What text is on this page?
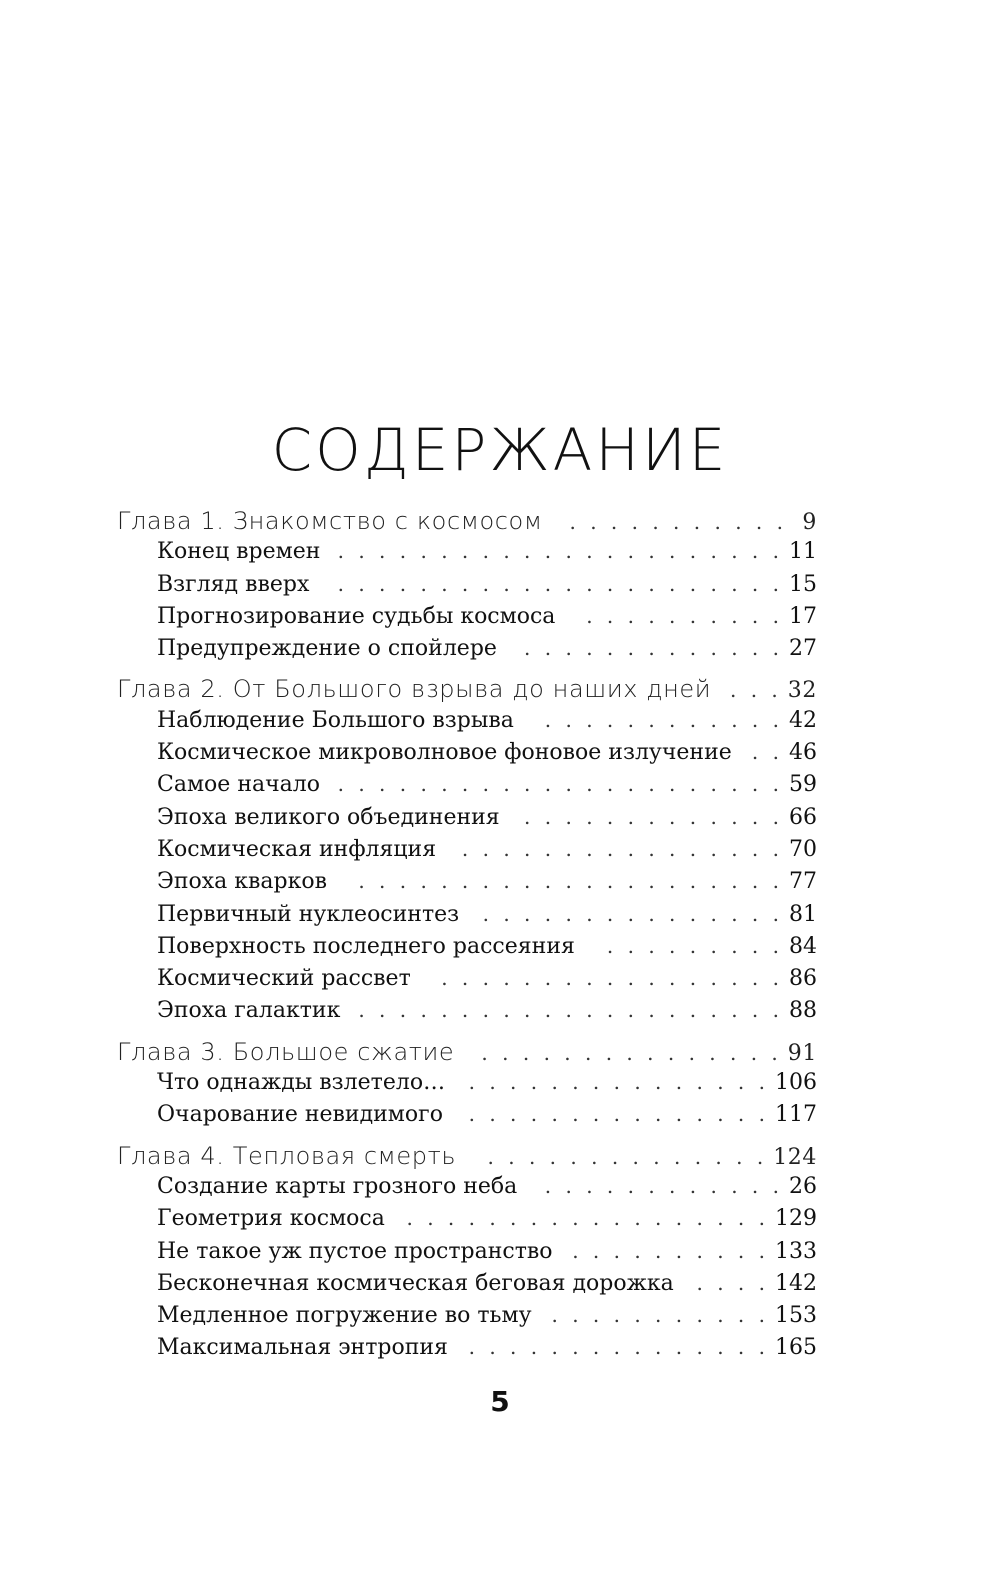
СОДЕРЖАНИЕ
Глава 1. Знакомство с космосом . . .	9
Конец времен . . .	11
Взгляд вверх . . .	15
Прогнозирование судьбы космоса . . .	17
Предупреждение о спойлере . . .	27
Глава 2. От Большого взрыва до наших дней . . .	32
Наблюдение Большого взрыва . . .	42
Космическое микроволновое фоновое излучение . . .	46
Самое начало . . .	59
Эпоха великого объединения . . .	66
Космическая инфляция . . .	70
Эпоха кварков . . .	77
Первичный нуклеосинтез . . .	81
Поверхность последнего рассеяния . . .	84
Космический рассвет . . .	86
Эпоха галактик . . .	88
Глава 3. Большое сжатие . . .	91
Что однажды взлетело… . . .	106
Очарование невидимого . . .	117
Глава 4. Тепловая смерть . . .	124
Создание карты грозного неба . . .	26
Геометрия космоса . . .	129
Не такое уж пустое пространство . . .	133
Бесконечная космическая беговая дорожка . . .	142
Медленное погружение во тьму . . .	153
Максимальная энтропия . . .	165
5
